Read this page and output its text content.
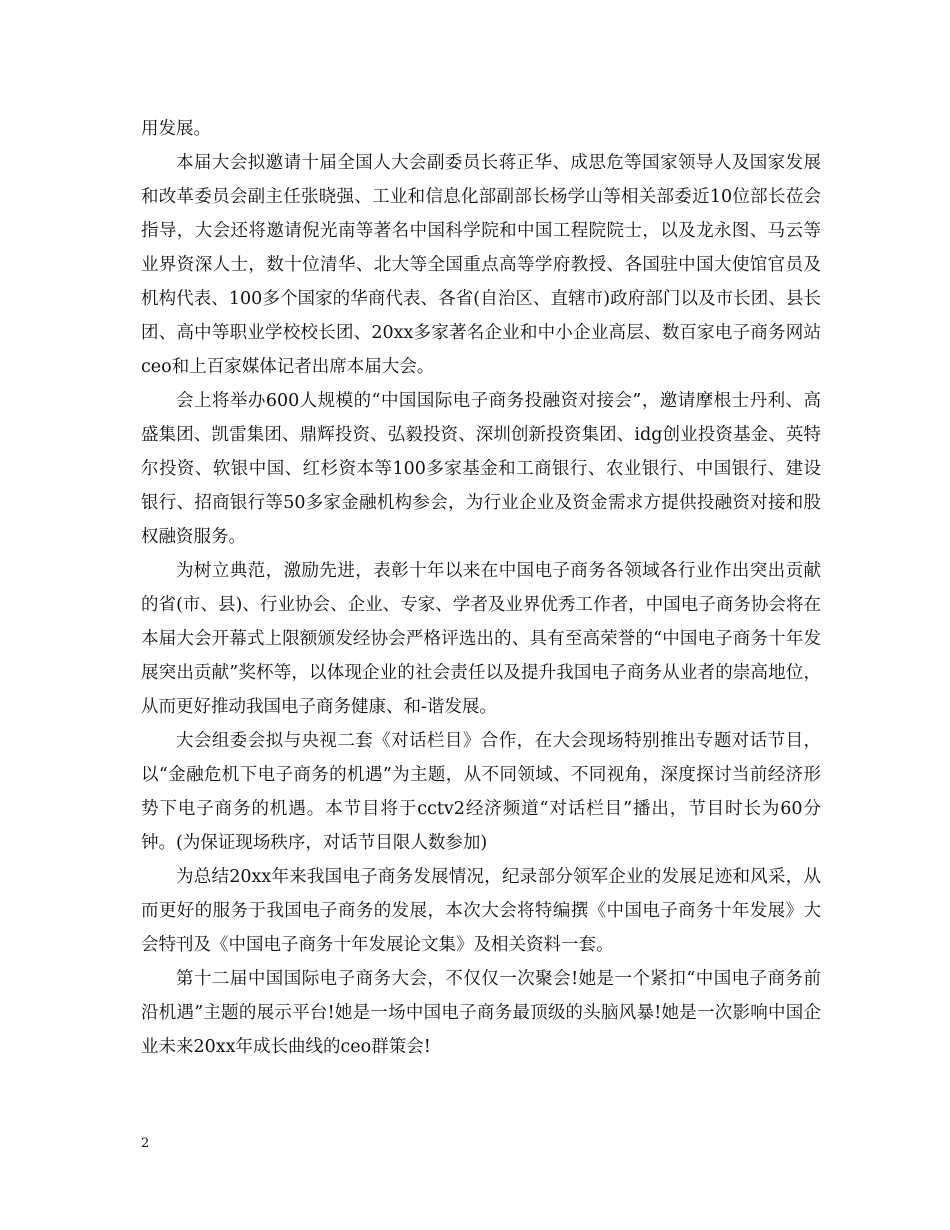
用发展。

本届大会拟邀请十届全国人大会副委员长蒋正华、成思危等国家领导人及国家发展和改革委员会副主任张晓强、工业和信息化部副部长杨学山等相关部委近10位部长莅会指导，大会还将邀请倪光南等著名中国科学院和中国工程院院士，以及龙永图、马云等业界资深人士，数十位清华、北大等全国重点高等学府教授、各国驻中国大使馆官员及机构代表、100多个国家的华商代表、各省(自治区、直辖市)政府部门以及市长团、县长团、高中等职业学校校长团、20xx多家著名企业和中小企业高层、数百家电子商务网站ceo和上百家媒体记者出席本届大会。

会上将举办600人规模的“中国国际电子商务投融资对接会”，邀请摩根士丹利、高盛集团、凯雷集团、鼎辉投资、弘毅投资、深圳创新投资集团、idg创业投资基金、英特尔投资、软银中国、红杉资本等100多家基金和工商银行、农业银行、中国银行、建设银行、招商银行等50多家金融机构参会，为行业企业及资金需求方提供投融资对接和股权融资服务。

为树立典范，激励先进，表彰十年以来在中国电子商务各领域各行业作出突出贡献的省(市、县)、行业协会、企业、专家、学者及业界优秀工作者，中国电子商务协会将在本届大会开幕式上限额颁发经协会严格评选出的、具有至高荣誉的“中国电子商务十年发展突出贡献”奖杯等，以体现企业的社会责任以及提升我国电子商务从业者的崇高地位，从而更好推动我国电子商务健康、和-谐发展。

大会组委会拟与央视二套《对话栏目》合作，在大会现场特别推出专题对话节目，以“金融危机下电子商务的机遇”为主题，从不同领域、不同视角，深度探讨当前经济形势下电子商务的机遇。本节目将于cctv2经济频道“对话栏目”播出，节目时长为60分钟。(为保证现场秩序，对话节目限人数参加)

为总结20xx年来我国电子商务发展情况，纪录部分领军企业的发展足迹和风采，从而更好的服务于我国电子商务的发展，本次大会将特编撰《中国电子商务十年发展》大会特刊及《中国电子商务十年发展论文集》及相关资料一套。

第十二届中国国际电子商务大会，不仅仅一次聚会!她是一个紧扣“中国电子商务前沿机遇”主题的展示平台!她是一场中国电子商务最顶级的头脑风暴!她是一次影响中国企业未来20xx年成长曲线的ceo群策会!

2
